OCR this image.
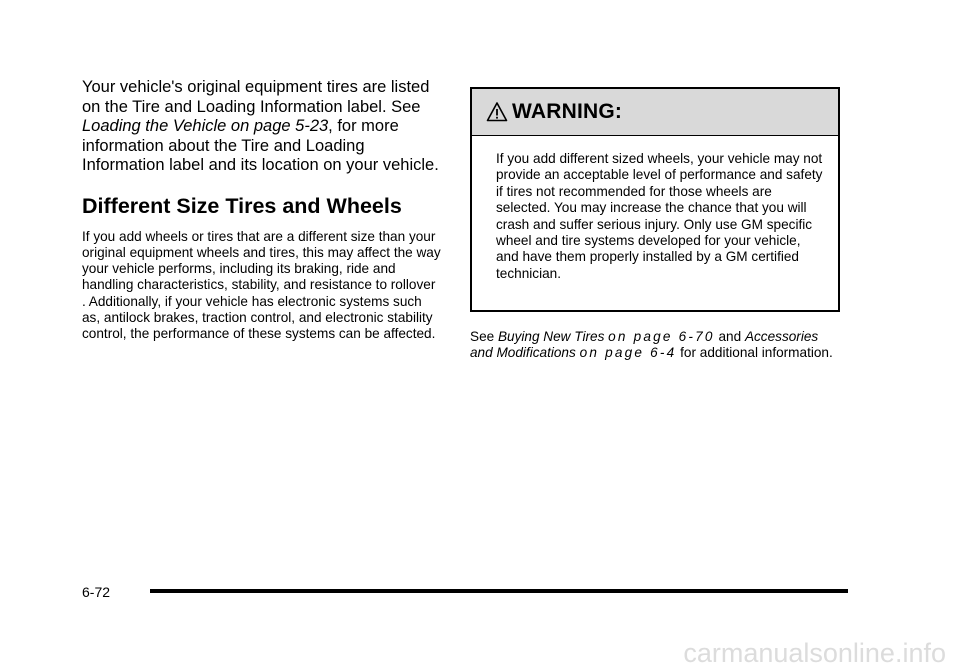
Your vehicle's original equipment tires are listed on the Tire and Loading Information label. See Loading the Vehicle on page 5-23, for more information about the Tire and Loading Information label and its location on your vehicle.

Different Size Tires and Wheels

If you add wheels or tires that are a different size than your original equipment wheels and tires, this may affect the way your vehicle performs, including its braking, ride and handling characteristics, stability, and resistance to rollover . Additionally, if your vehicle has electronic systems such as, antilock brakes, traction control, and electronic stability control, the performance of these systems can be affected.

WARNING:

If you add different sized wheels, your vehicle may not provide an acceptable level of performance and safety if tires not recommended for those wheels are selected. You may increase the chance that you will crash and suffer serious injury. Only use GM specific wheel and tire systems developed for your vehicle, and have them properly installed by a GM certified technician.

See Buying New Tires on page 6-70 and Accessories and Modifications on page 6-4 for additional information.

6-72
carmanualsonline.info
